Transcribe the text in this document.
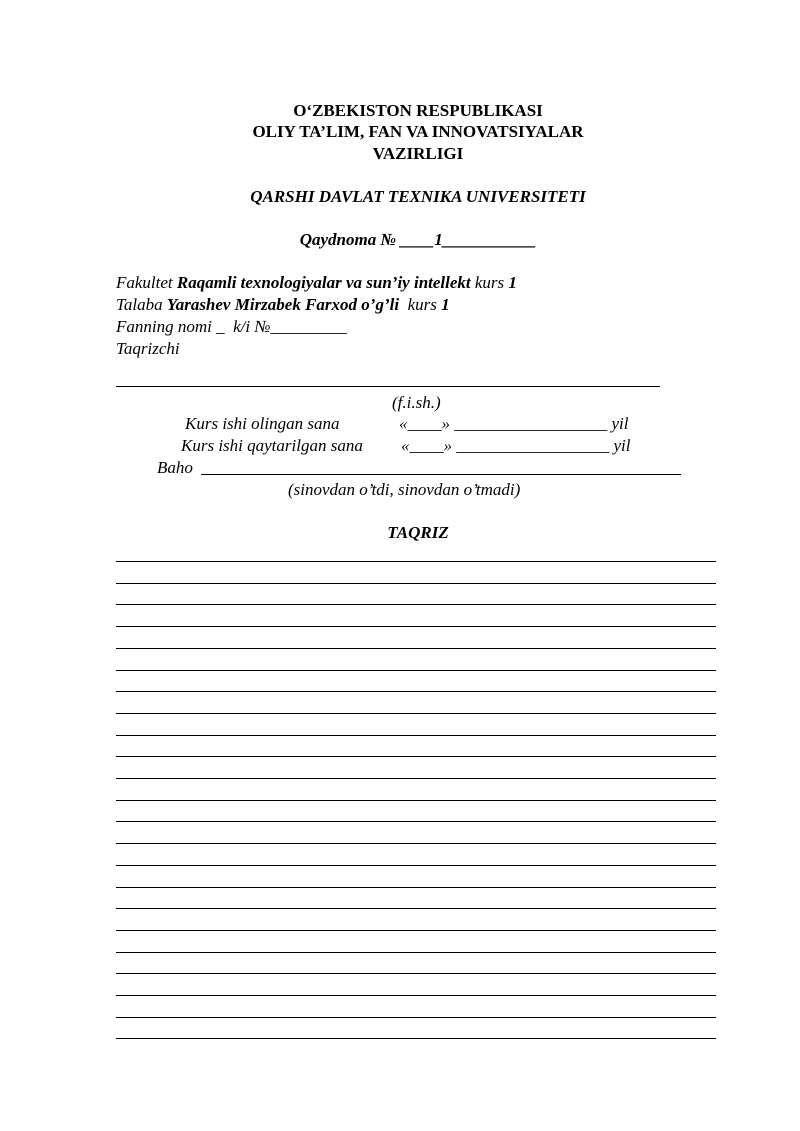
O‘ZBEKISTON RESPUBLIKASI
OLIY TA’LIM, FAN VA INNOVATSIYALAR
VAZIRLIGI
QARSHI DAVLAT TEXNIKA UNIVERSITETI
Qaydnoma № ____1___________
Fakultet Raqamli texnologiyalar va sun’iy intellekt kurs 1
Talaba Yarashev Mirzabek Farxod o’g’li  kurs 1
Fanning nomi _  k/i №_________
Taqrizchi
(f.i.sh.)
Kurs ishi olingan sana	«____» __________________ yil
Kurs ishi qaytarilgan sana «____» __________________ yil
Baho
(sinovdan o’tdi, sinovdan o’tmadi)
TAQRIZ
